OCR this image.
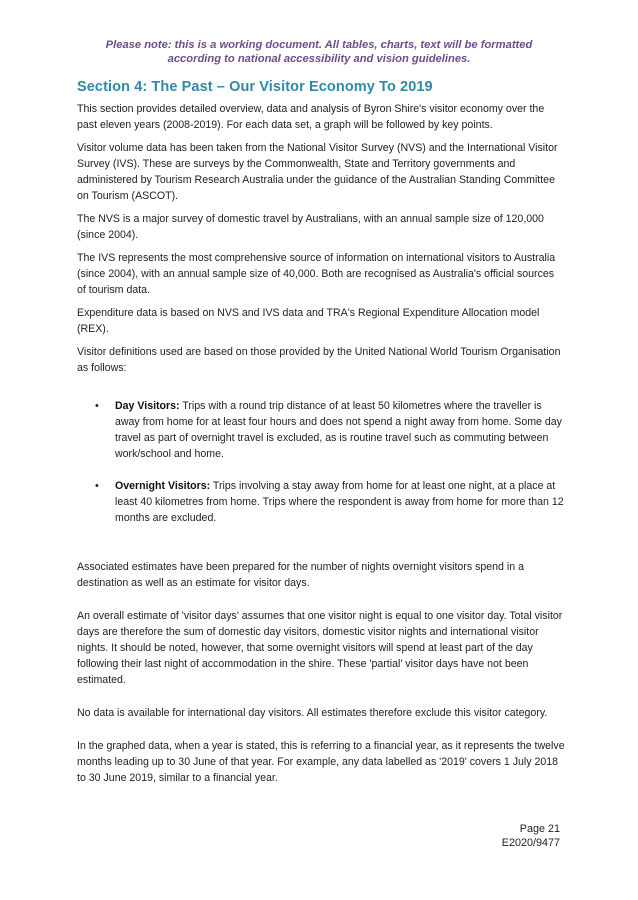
Please note: this is a working document. All tables, charts, text will be formatted
according to national accessibility and vision guidelines.
Section 4: The Past – Our Visitor Economy To 2019

This section provides detailed overview, data and analysis of Byron Shire's visitor economy over the past eleven years (2008-2019). For each data set, a graph will be followed by key points.

Visitor volume data has been taken from the National Visitor Survey (NVS) and the International Visitor Survey (IVS). These are surveys by the Commonwealth, State and Territory governments and administered by Tourism Research Australia under the guidance of the Australian Standing Committee on Tourism (ASCOT).

The NVS is a major survey of domestic travel by Australians, with an annual sample size of 120,000 (since 2004).

The IVS represents the most comprehensive source of information on international visitors to Australia (since 2004), with an annual sample size of 40,000. Both are recognised as Australia's official sources of tourism data.

Expenditure data is based on NVS and IVS data and TRA's Regional Expenditure Allocation model (REX).

Visitor definitions used are based on those provided by the United National World Tourism Organisation as follows:

• Day Visitors: Trips with a round trip distance of at least 50 kilometres where the traveller is away from home for at least four hours and does not spend a night away from home. Some day travel as part of overnight travel is excluded, as is routine travel such as commuting between work/school and home.
• Overnight Visitors: Trips involving a stay away from home for at least one night, at a place at least 40 kilometres from home. Trips where the respondent is away from home for more than 12 months are excluded.

Associated estimates have been prepared for the number of nights overnight visitors spend in a destination as well as an estimate for visitor days.

An overall estimate of 'visitor days' assumes that one visitor night is equal to one visitor day. Total visitor days are therefore the sum of domestic day visitors, domestic visitor nights and international visitor nights. It should be noted, however, that some overnight visitors will spend at least part of the day following their last night of accommodation in the shire. These 'partial' visitor days have not been estimated.

No data is available for international day visitors. All estimates therefore exclude this visitor category.

In the graphed data, when a year is stated, this is referring to a financial year, as it represents the twelve months leading up to 30 June of that year. For example, any data labelled as '2019' covers 1 July 2018 to 30 June 2019, similar to a financial year.

Page 21
E2020/9477
